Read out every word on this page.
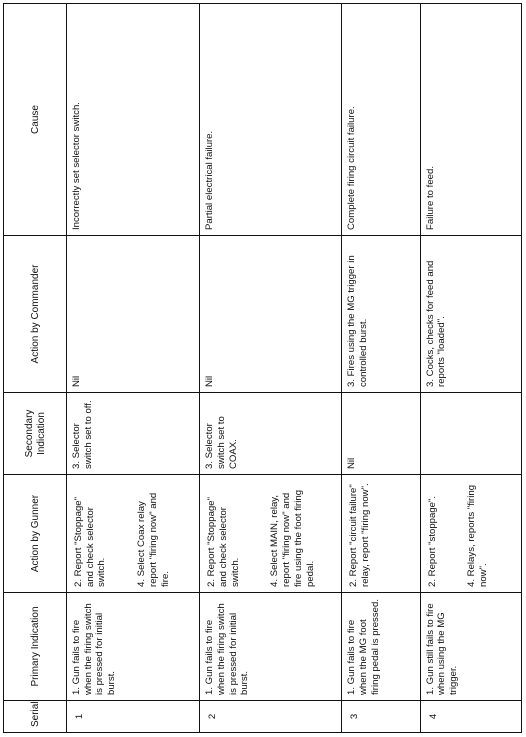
Serial	Primary Indication	Action by Gunner	Secondary Indication	Action by Commander	Cause
1	1. Gun fails to fire when the firing switch is pressed for initial burst.	2. Report "Stoppage" and check selector switch. 4. Select Coax relay report "firing now" and fire.	3. Selector switch set to off.	Nil	Incorrectly set selector switch.
2	1. Gun fails to fire when the firing switch is pressed for initial burst.	2. Report "Stoppage" and check selector switch. 4. Select MAIN, relay, report "firing now" and fire using the foot firing pedal.	3. Selector switch set to COAX.	Nil	Partial electrical failure.
3	1. Gun fails to fire when the MG foot firing pedal is pressed.	2. Report "circuit failure" relay, report "firing now".	Nil	3. Fires using the MG trigger in controlled burst.	Complete firing circuit failure.
4	1. Gun still fails to fire when using the MG trigger.	2. Report "stoppage". 4. Relays, reports "firing now".		3. Cocks, checks for feed and reports "loaded".	Failure to feed.
